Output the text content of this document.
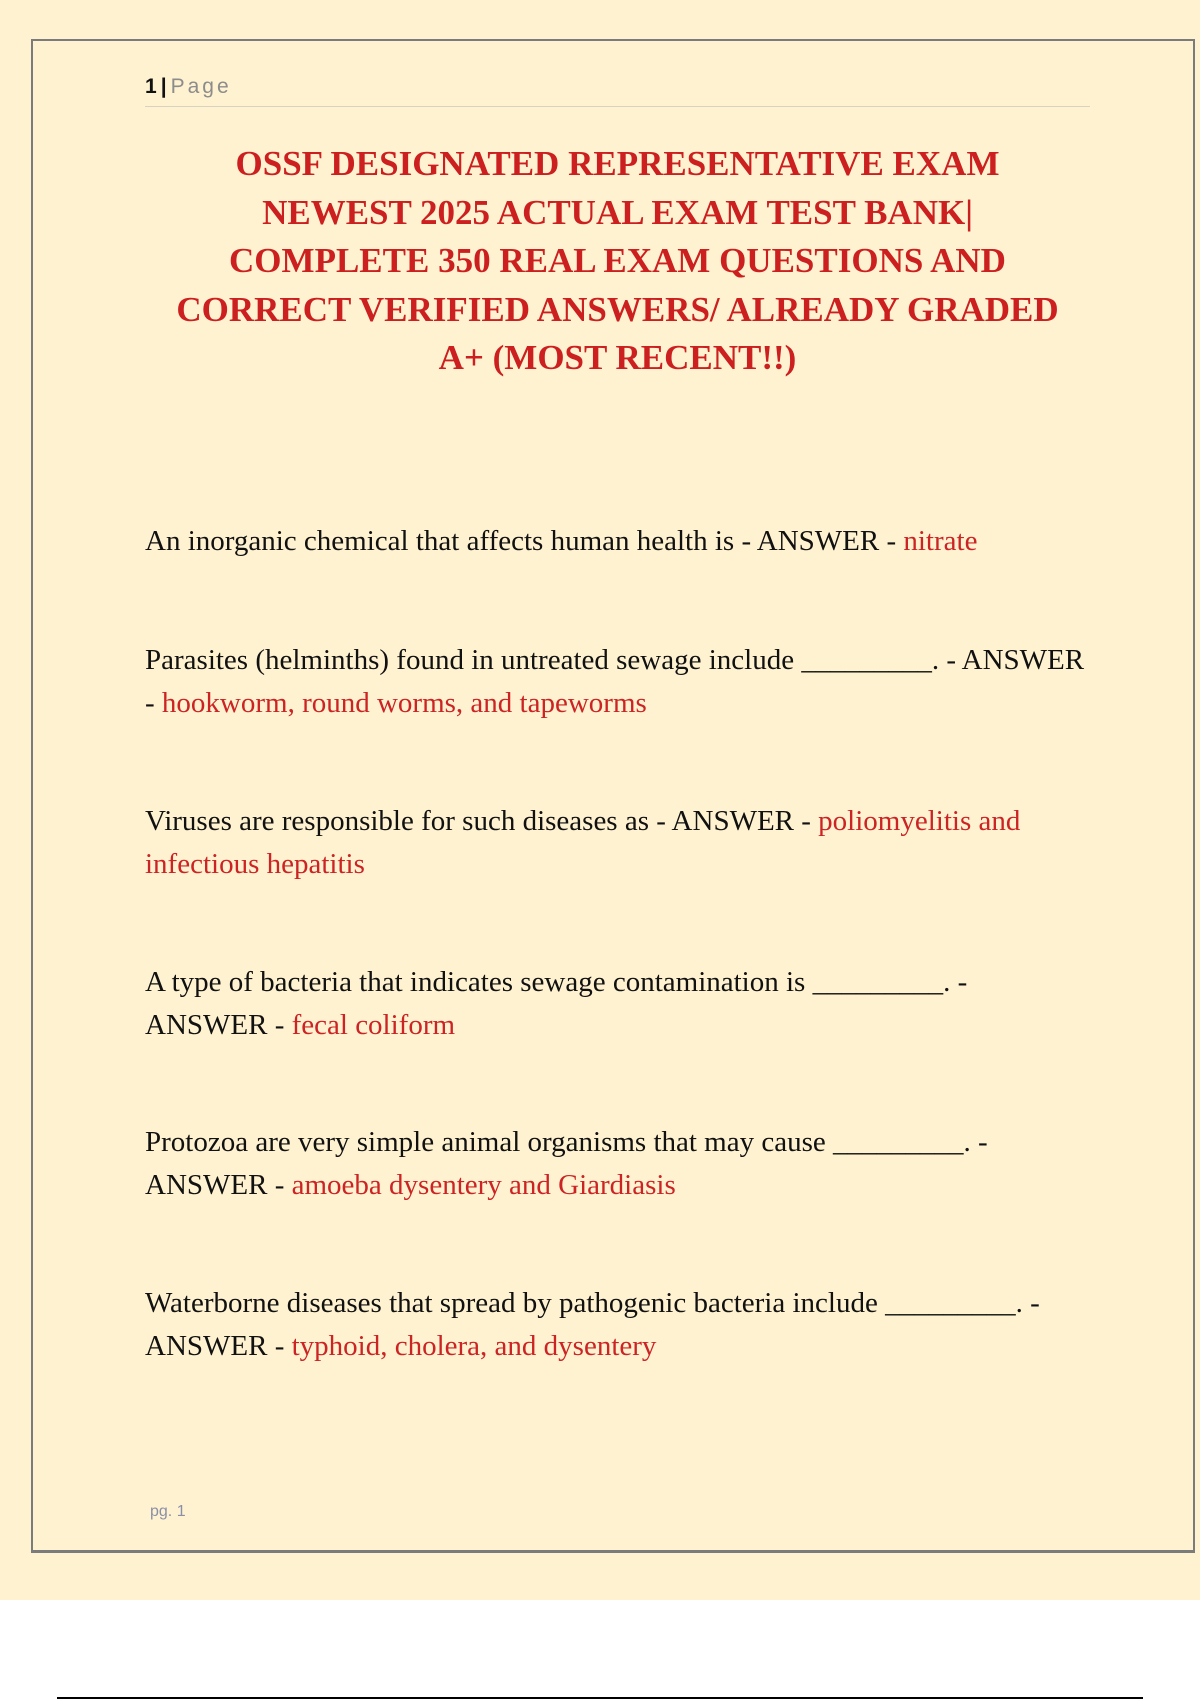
1 | Page
OSSF DESIGNATED REPRESENTATIVE EXAM
NEWEST 2025 ACTUAL EXAM TEST BANK|
COMPLETE 350 REAL EXAM QUESTIONS AND
CORRECT VERIFIED ANSWERS/ ALREADY GRADED
A+ (MOST RECENT!!)

An inorganic chemical that affects human health is - ANSWER - nitrate

Parasites (helminths) found in untreated sewage include _________. - ANSWER - hookworm, round worms, and tapeworms

Viruses are responsible for such diseases as - ANSWER - poliomyelitis and infectious hepatitis

A type of bacteria that indicates sewage contamination is _________. - ANSWER - fecal coliform

Protozoa are very simple animal organisms that may cause _________. - ANSWER - amoeba dysentery and Giardiasis

Waterborne diseases that spread by pathogenic bacteria include _________. - ANSWER - typhoid, cholera, and dysentery

pg. 1
